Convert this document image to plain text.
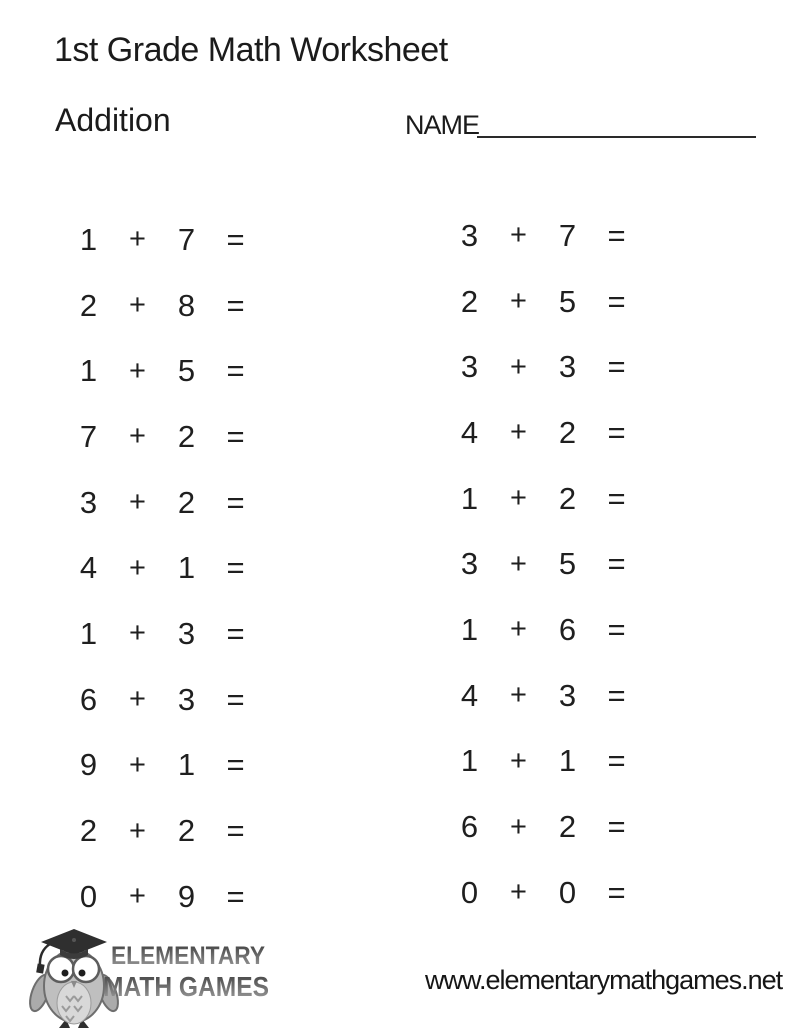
1st Grade Math Worksheet
Addition	NAME
1 + 7 =
2 + 8 =
1 + 5 =
7 + 2 =
3 + 2 =
4 + 1 =
1 + 3 =
6 + 3 =
9 + 1 =
2 + 2 =
0 + 9 =
3 + 7 =
2 + 5 =
3 + 3 =
4 + 2 =
1 + 2 =
3 + 5 =
1 + 6 =
4 + 3 =
1 + 1 =
6 + 2 =
0 + 0 =
ELEMENTARY
MATH GAMES	www.elementarymathgames.net
